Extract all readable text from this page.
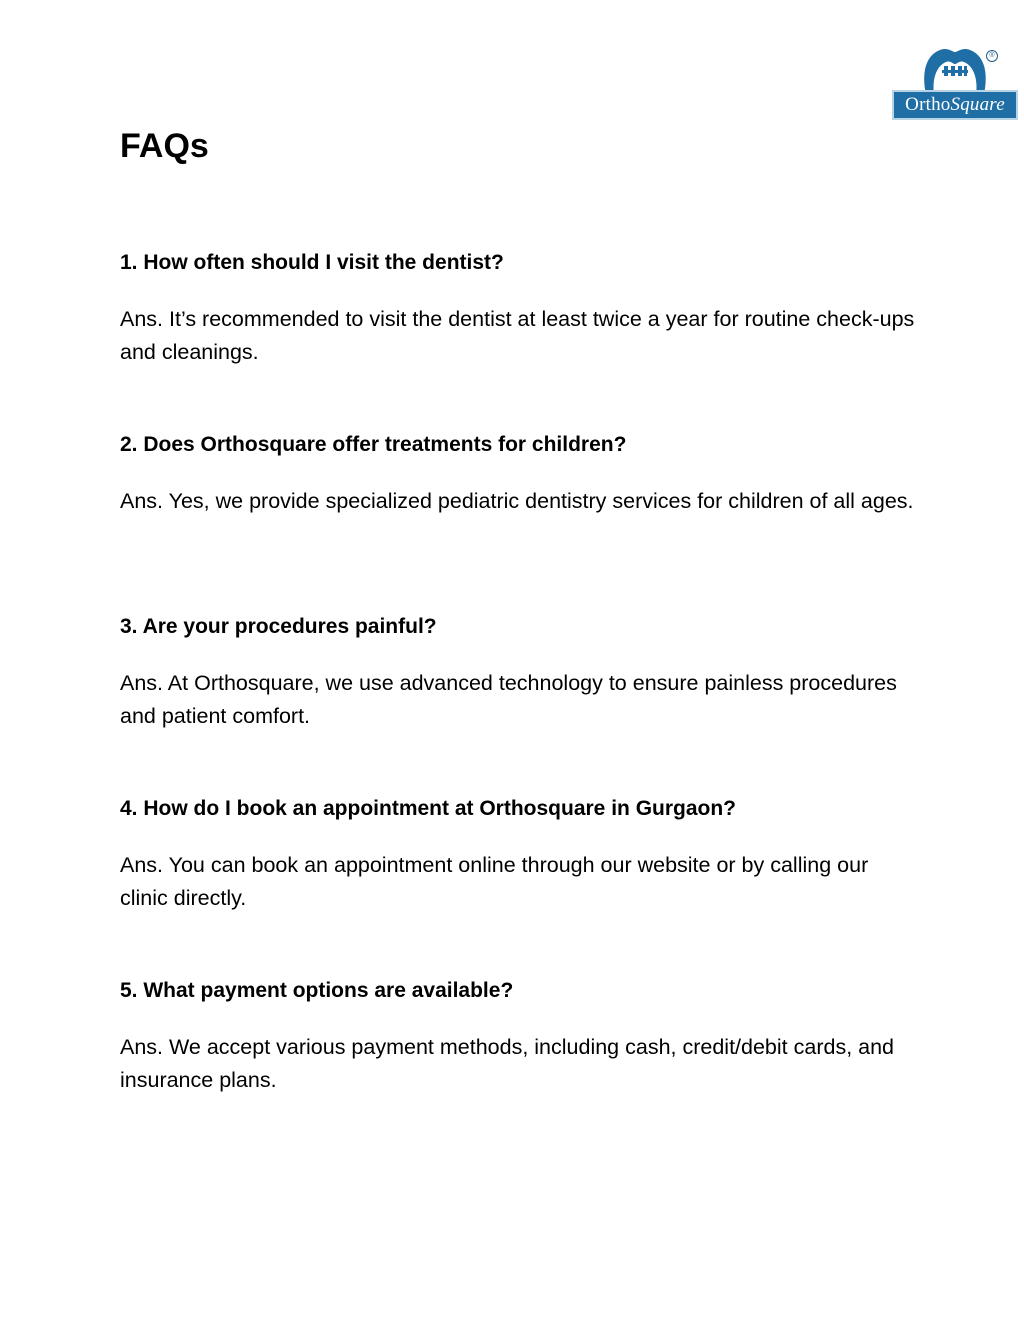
®
OrthoSquare
FAQs

1. How often should I visit the dentist?

Ans. It’s recommended to visit the dentist at least twice a year for routine check-ups and cleanings.

2. Does Orthosquare offer treatments for children?

Ans. Yes, we provide specialized pediatric dentistry services for children of all ages.

3. Are your procedures painful?

Ans. At Orthosquare, we use advanced technology to ensure painless procedures and patient comfort.

4. How do I book an appointment at Orthosquare in Gurgaon?

Ans. You can book an appointment online through our website or by calling our clinic directly.

5. What payment options are available?

Ans. We accept various payment methods, including cash, credit/debit cards, and insurance plans.
